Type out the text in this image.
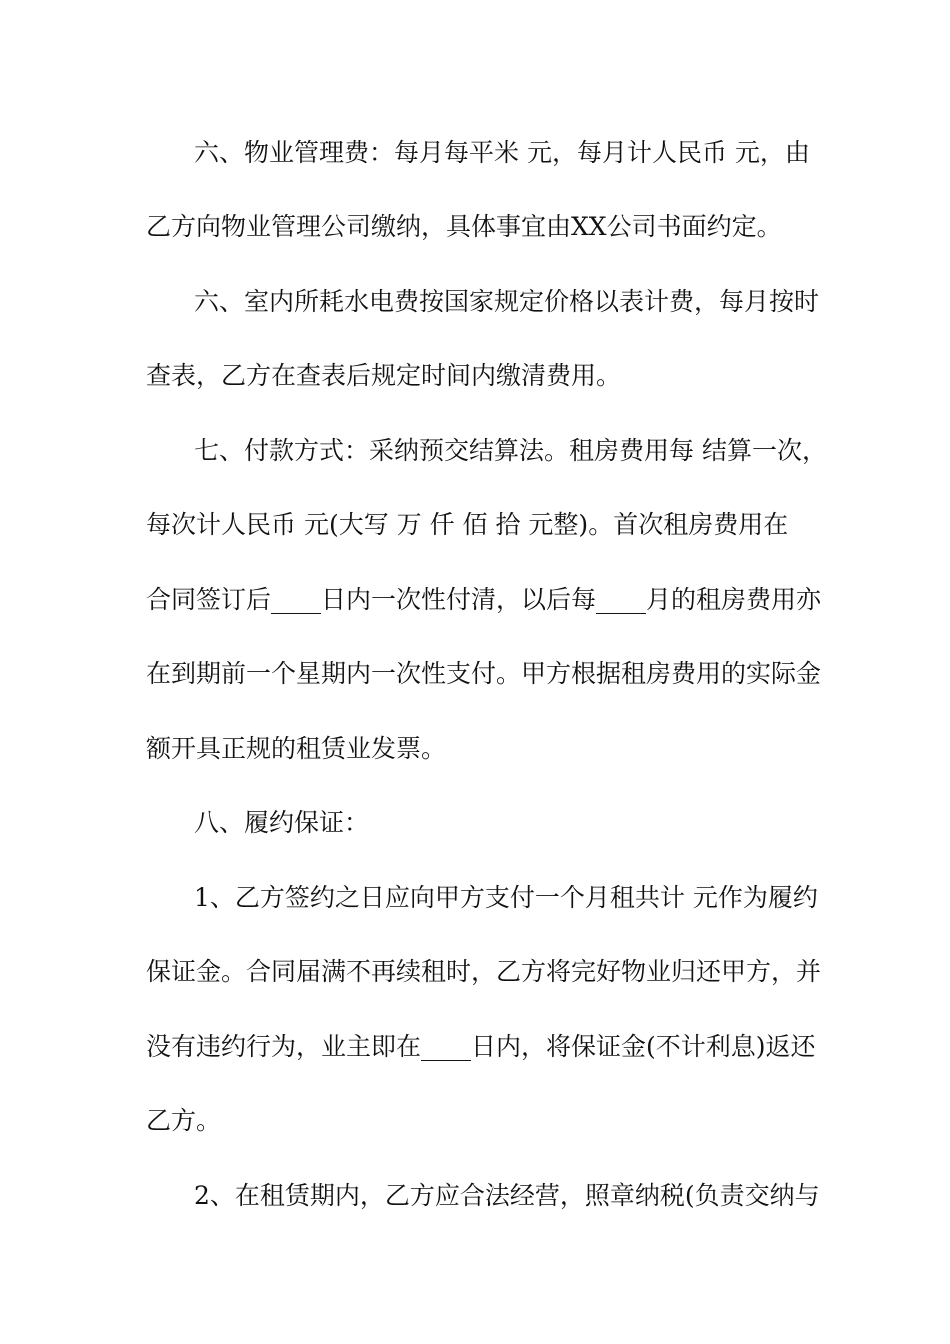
六、物业管理费：每月每平米 元，每月计人民币 元，由
乙方向物业管理公司缴纳，具体事宜由XX公司书面约定。
六、室内所耗水电费按国家规定价格以表计费，每月按时
查表，乙方在查表后规定时间内缴清费用。
七、付款方式：采纳预交结算法。租房费用每 结算一次，
每次计人民币 元(大写 万 仟 佰 拾 元整)。首次租房费用在
合同签订后____日内一次性付清，以后每____月的租房费用亦
在到期前一个星期内一次性支付。甲方根据租房费用的实际金
额开具正规的租赁业发票。
八、履约保证：
1、乙方签约之日应向甲方支付一个月租共计 元作为履约
保证金。合同届满不再续租时，乙方将完好物业归还甲方，并
没有违约行为，业主即在____日内，将保证金(不计利息)返还
乙方。
2、在租赁期内，乙方应合法经营，照章纳税(负责交纳与
